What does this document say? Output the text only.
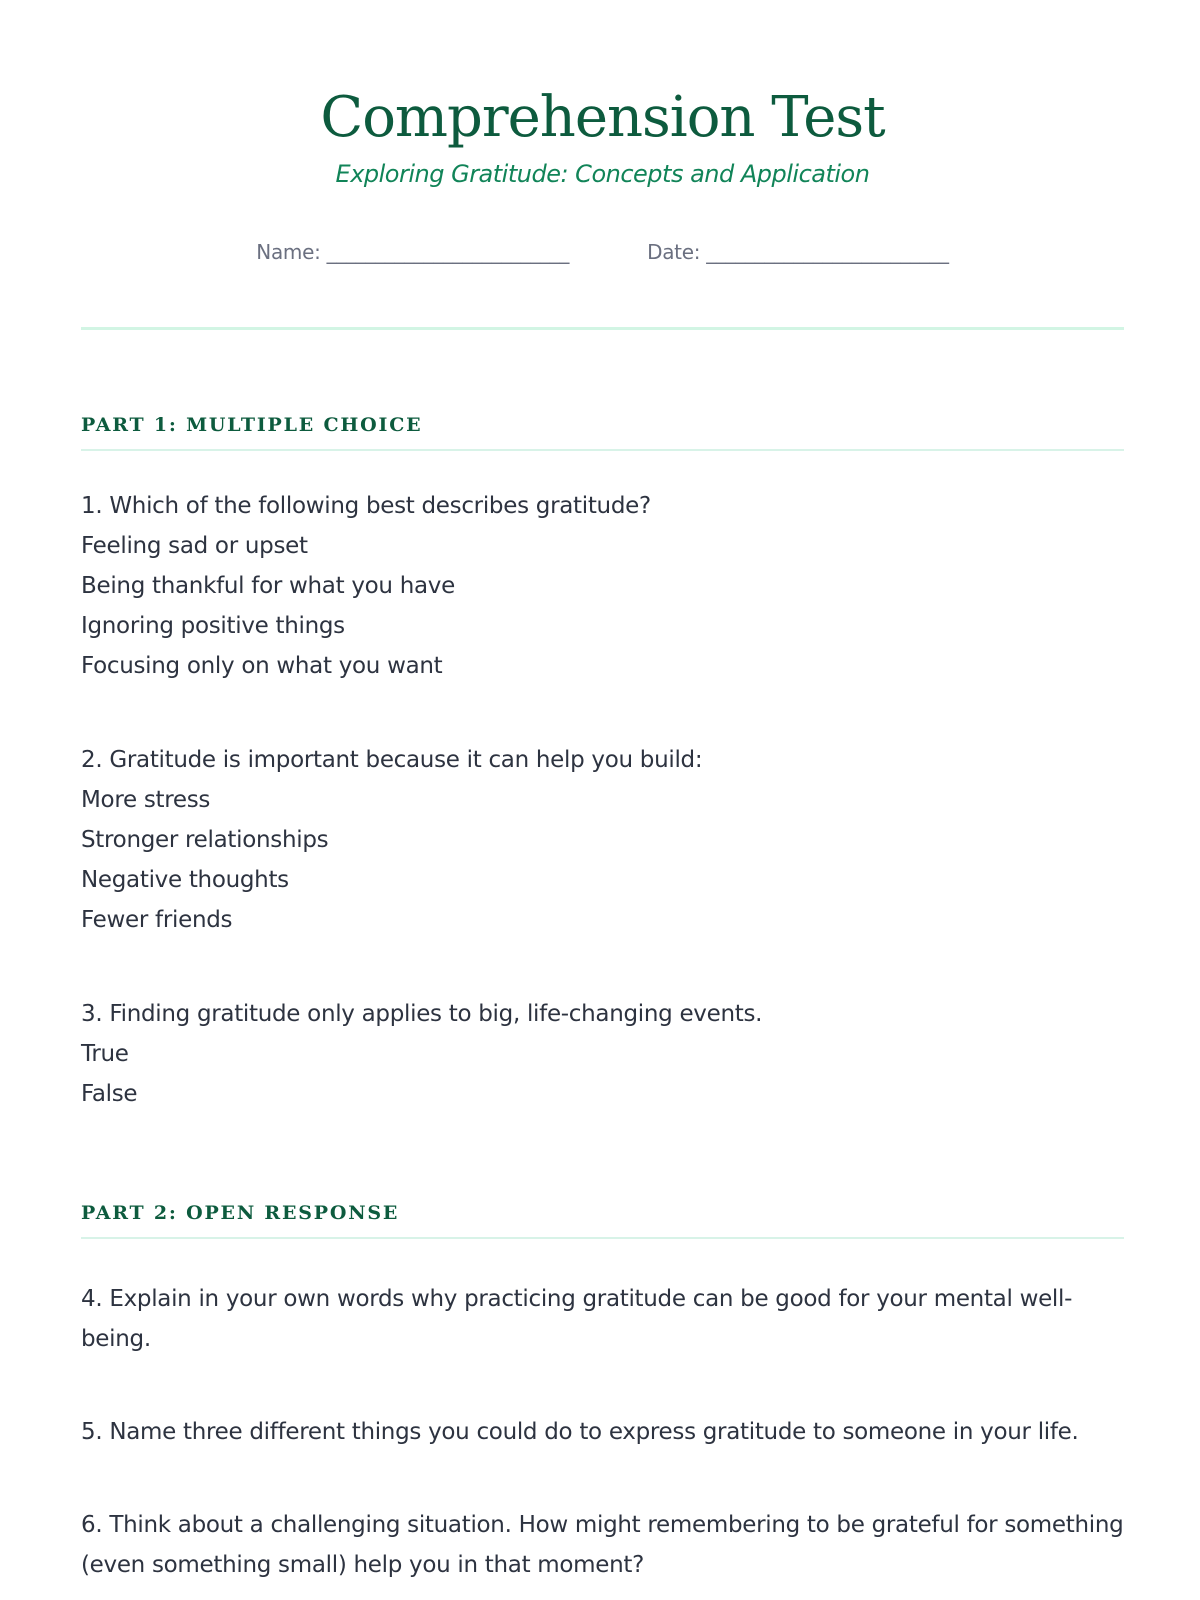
Comprehension Test
Exploring Gratitude: Concepts and Application
Name: _________________________	Date: _________________________
PART 1: MULTIPLE CHOICE

1. Which of the following best describes gratitude?

Feeling sad or upset

Being thankful for what you have

Ignoring positive things

Focusing only on what you want

2. Gratitude is important because it can help you build:

More stress

Stronger relationships

Negative thoughts

Fewer friends

3. Finding gratitude only applies to big, life-changing events.

True

False

PART 2: OPEN RESPONSE

4. Explain in your own words why practicing gratitude can be good for your mental well-being.

5. Name three different things you could do to express gratitude to someone in your life.

6. Think about a challenging situation. How might remembering to be grateful for something (even something small) help you in that moment?
